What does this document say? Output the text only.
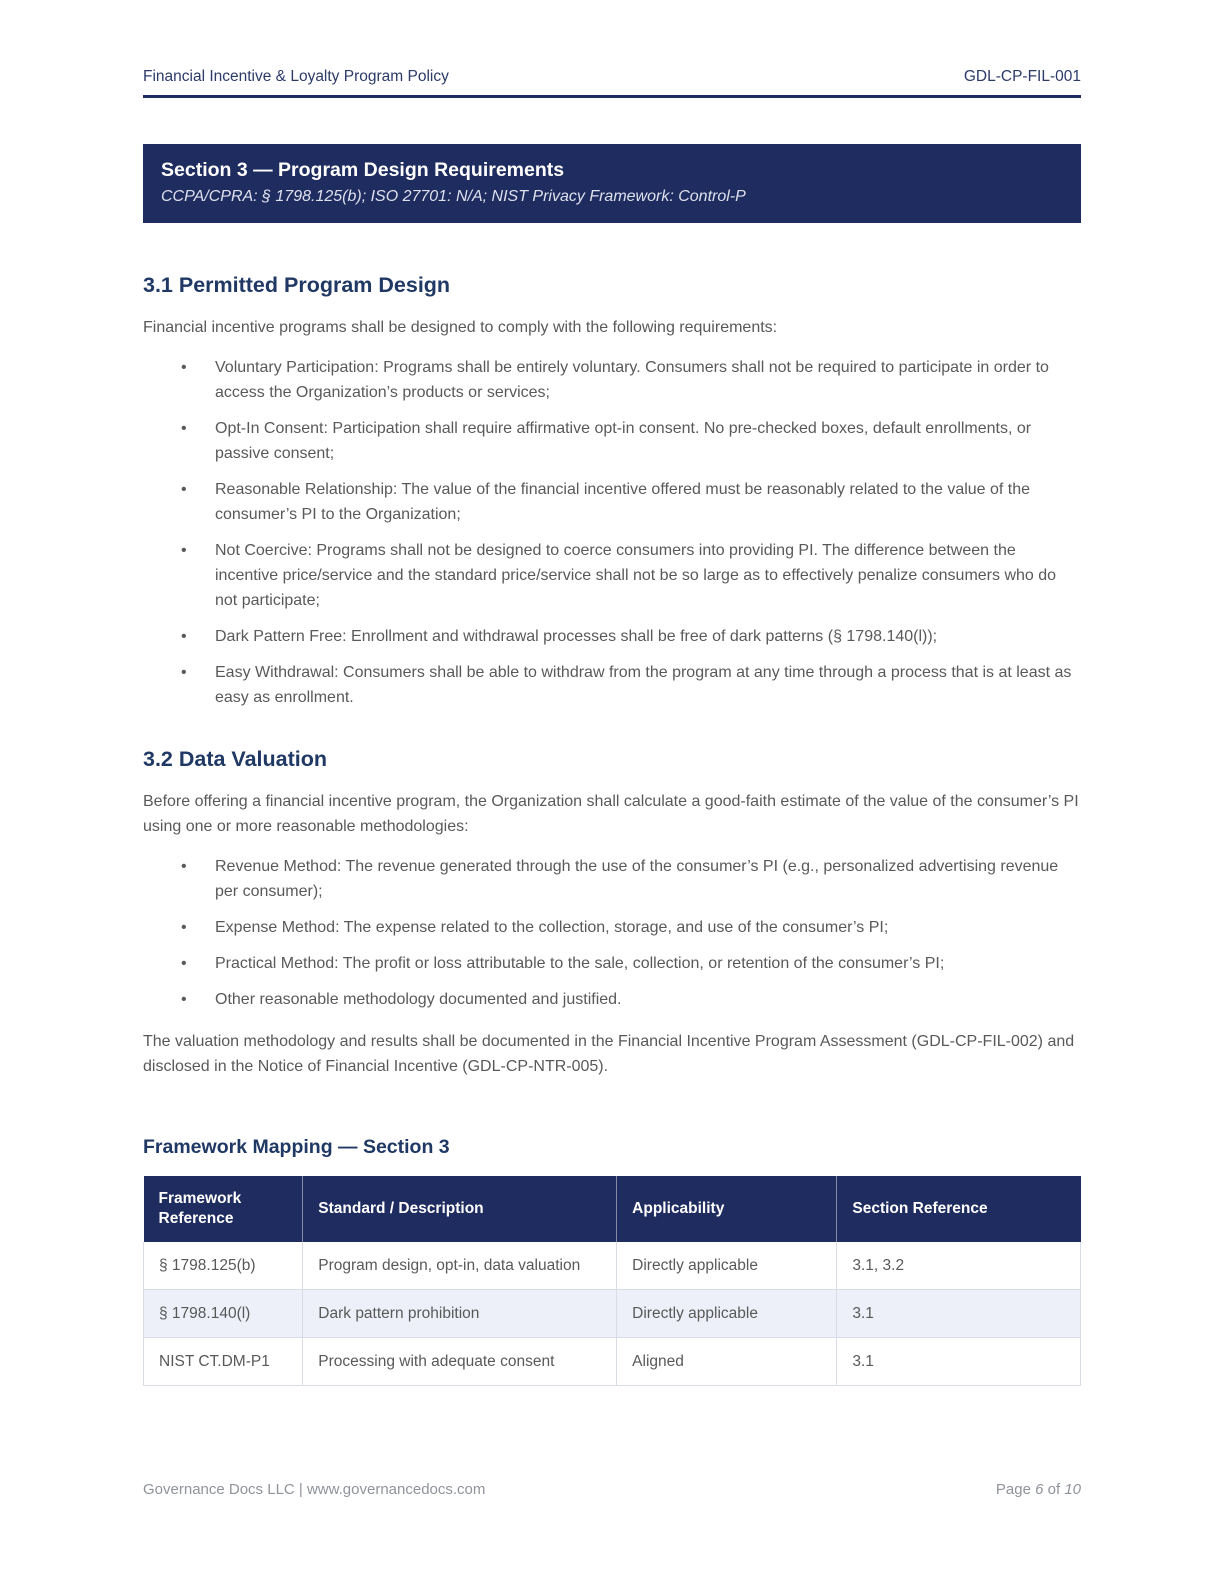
Financial Incentive & Loyalty Program Policy	GDL-CP-FIL-001
Section 3 — Program Design Requirements
CCPA/CPRA: § 1798.125(b); ISO 27701: N/A; NIST Privacy Framework: Control-P
3.1 Permitted Program Design

Financial incentive programs shall be designed to comply with the following requirements:

• Voluntary Participation: Programs shall be entirely voluntary. Consumers shall not be required to participate in order to access the Organization’s products or services;
• Opt-In Consent: Participation shall require affirmative opt-in consent. No pre-checked boxes, default enrollments, or passive consent;
• Reasonable Relationship: The value of the financial incentive offered must be reasonably related to the value of the consumer’s PI to the Organization;
• Not Coercive: Programs shall not be designed to coerce consumers into providing PI. The difference between the incentive price/service and the standard price/service shall not be so large as to effectively penalize consumers who do not participate;
• Dark Pattern Free: Enrollment and withdrawal processes shall be free of dark patterns (§ 1798.140(l));
• Easy Withdrawal: Consumers shall be able to withdraw from the program at any time through a process that is at least as easy as enrollment.
3.2 Data Valuation

Before offering a financial incentive program, the Organization shall calculate a good-faith estimate of the value of the consumer’s PI using one or more reasonable methodologies:

• Revenue Method: The revenue generated through the use of the consumer’s PI (e.g., personalized advertising revenue per consumer);
• Expense Method: The expense related to the collection, storage, and use of the consumer’s PI;
• Practical Method: The profit or loss attributable to the sale, collection, or retention of the consumer’s PI;
• Other reasonable methodology documented and justified.

The valuation methodology and results shall be documented in the Financial Incentive Program Assessment (GDL-CP-FIL-002) and disclosed in the Notice of Financial Incentive (GDL-CP-NTR-005).

Framework Mapping — Section 3
Framework Reference	Standard / Description	Applicability	Section Reference
§ 1798.125(b)	Program design, opt-in, data valuation	Directly applicable	3.1, 3.2
§ 1798.140(l)	Dark pattern prohibition	Directly applicable	3.1
NIST CT.DM-P1	Processing with adequate consent	Aligned	3.1
Governance Docs LLC | www.governancedocs.com	Page 6 of 10
